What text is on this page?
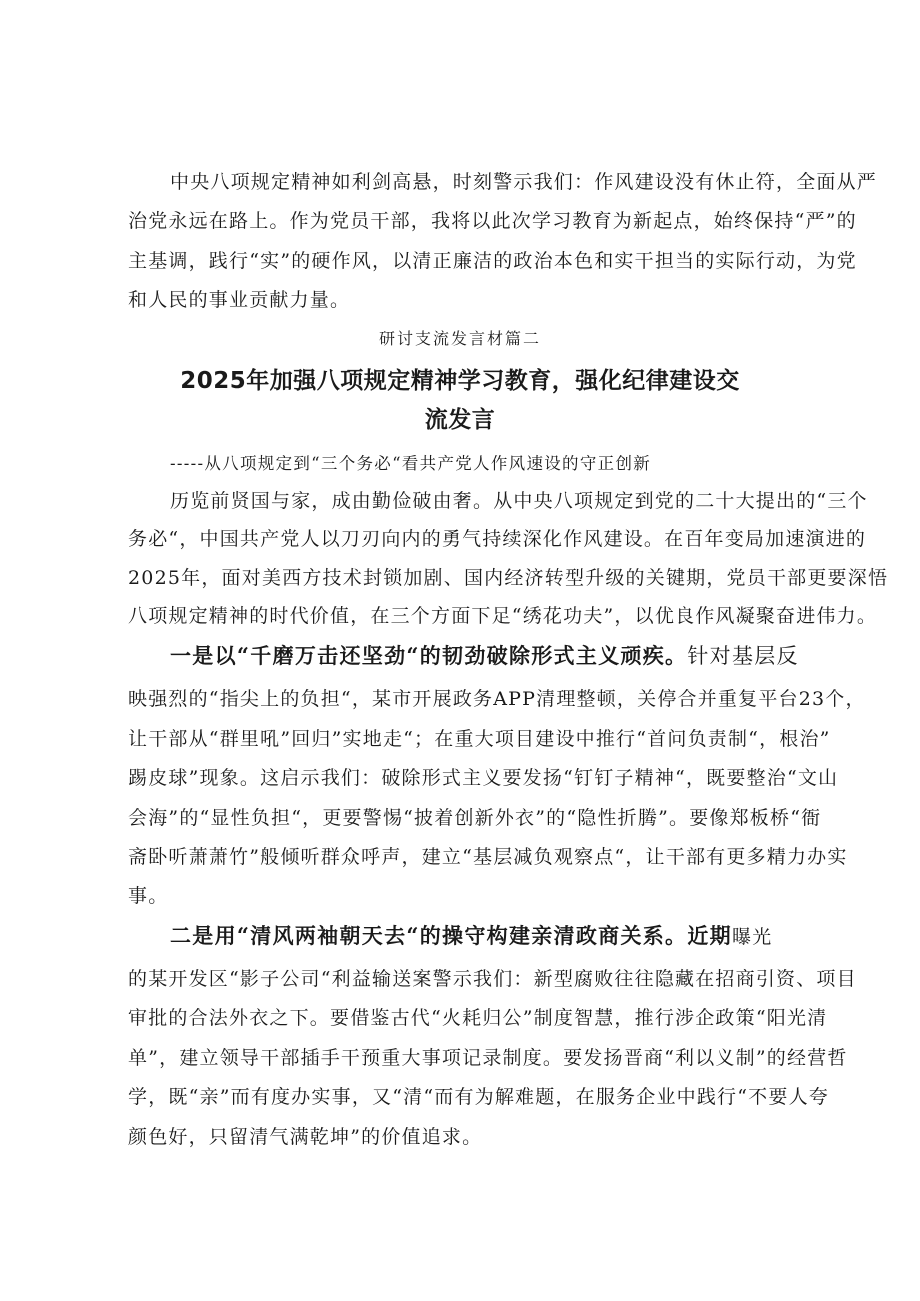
中央八项规定精神如利剑高悬，时刻警示我们：作风建设没有休止符，全面从严
治党永远在路上。作为党员干部，我将以此次学习教育为新起点，始终保持“严”的
主基调，践行“实”的硬作风，以清正廉洁的政治本色和实干担当的实际行动，为党
和人民的事业贡献力量。
研讨支流发言材篇二
2025年加强八项规定精神学习教育，强化纪律建设交
流发言
-----从八项规定到“三个务必“看共产党人作风速设的守正创新
历览前贤国与家，成由勤俭破由奢。从中央八项规定到党的二十大提出的“三个
务必“，中国共产党人以刀刃向内的勇气持续深化作风建设。在百年变局加速演进的
2025年，面对美西方技术封锁加剧、国内经济转型升级的关键期，党员干部更要深悟
八项规定精神的时代价值，在三个方面下足“绣花功夫”，以优良作风凝聚奋进伟力。
一是以“千磨万击还坚劲“的韧劲破除形式主义顽疾。针对基层反
映强烈的“指尖上的负担“，某市开展政务APP清理整顿，关停合并重复平台23个，
让干部从“群里吼”回归”实地走“；在重大项目建设中推行“首问负责制“，根治”
踢皮球”现象。这启示我们：破除形式主义要发扬“钉钉子精神“，既要整治“文山
会海”的“显性负担“，更要警惕“披着创新外衣”的“隐性折腾”。要像郑板桥“衙
斋卧听萧萧竹”般倾听群众呼声，建立“基层减负观察点“，让干部有更多精力办实
事。
二是用“清风两袖朝天去“的操守构建亲清政商关系。近期曝光
的某开发区“影子公司“利益输送案警示我们：新型腐败往往隐藏在招商引资、项目
审批的合法外衣之下。要借鉴古代“火耗归公”制度智慧，推行涉企政策“阳光清
单”，建立领导干部插手干预重大事项记录制度。要发扬晋商“利以义制”的经营哲
学，既“亲”而有度办实事，又“清“而有为解难题，在服务企业中践行“不要人夸
颜色好，只留清气满乾坤”的价值追求。
